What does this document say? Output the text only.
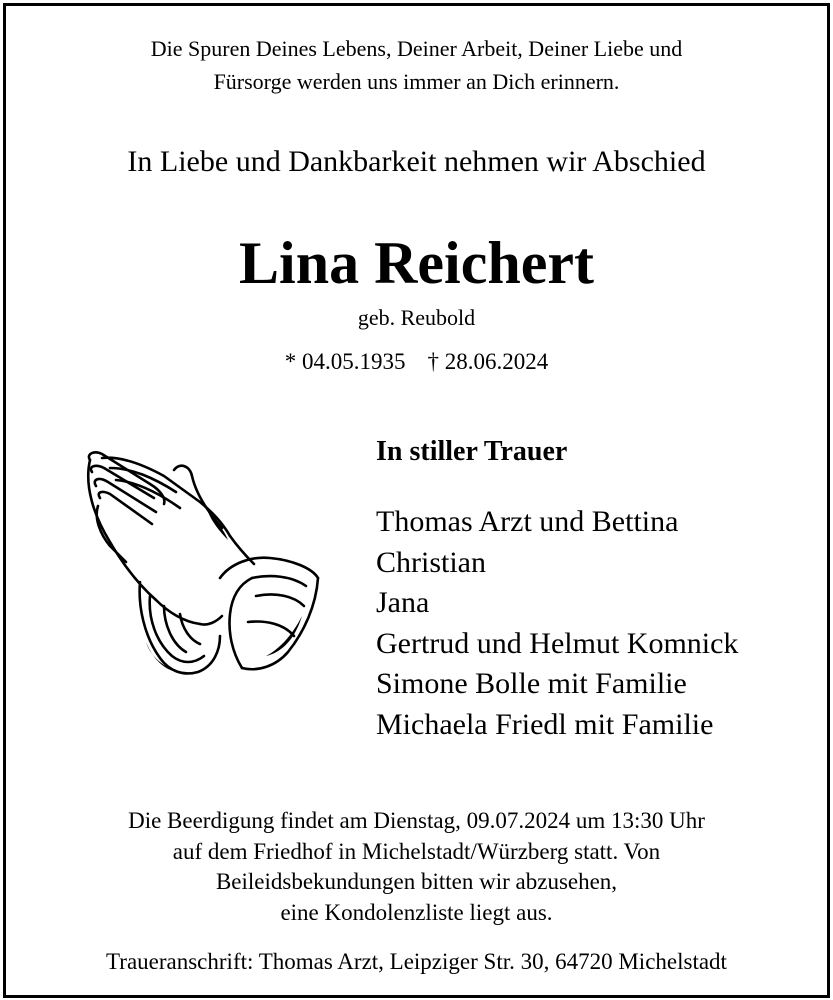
Die Spuren Deines Lebens, Deiner Arbeit, Deiner Liebe und
Fürsorge werden uns immer an Dich erinnern.
In Liebe und Dankbarkeit nehmen wir Abschied
Lina Reichert
geb. Reubold
* 04.05.1935 † 28.06.2024
In stiller Trauer
Thomas Arzt und Bettina
Christian
Jana
Gertrud und Helmut Komnick
Simone Bolle mit Familie
Michaela Friedl mit Familie
Die Beerdigung findet am Dienstag, 09.07.2024 um 13:30 Uhr
auf dem Friedhof in Michelstadt/Würzberg statt. Von
Beileidsbekundungen bitten wir abzusehen,
eine Kondolenzliste liegt aus.
Traueranschrift: Thomas Arzt, Leipziger Str. 30, 64720 Michelstadt
